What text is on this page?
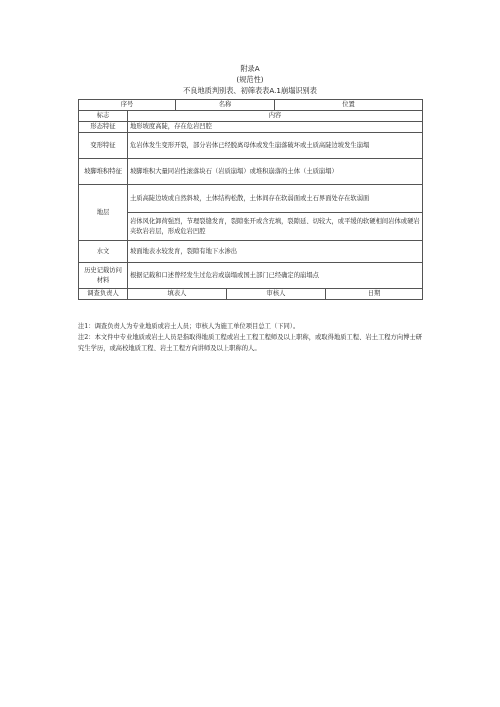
附录A
(规范性)
不良地质判别表、初筛表表A.1崩塌识别表
序号		名称		位置	
标志	内容				
形态特征	地形坡度高陡，存在危岩凹腔				
变形特征	危岩体发生变形开裂，部分岩体已经脱离母体或发生崩落破坏或土质高陡边坡发生崩塌				
坡脚堆积特征	坡脚堆积大量同岩性滚落块石（岩质崩塌）或堆积崩落的土体（土质崩塌）				
地层	土质高陡边坡或自然斜坡，土体结构松散，土体间存在软弱面或土石界面处存在软弱面				
	岩体风化卸荷强烈，节理裂缝发育，裂隙张开或含充填，裂隙延、切较大，或平缓的软硬相间岩体或硬岩夹软岩岩层，形成危岩凹腔				
水文	坡面地表水较发育，裂隙有地下水渗出				
历史记载访问材料	根据记载和口述曾经发生过危岩或崩塌或国土部门已经确定的崩塌点				
调查负责人	填表人		审核人		日期

注1：调查负责人为专业地质或岩土人员；审核人为施工单位项目总工（下同）。

注2：本文件中专业地质或岩土人员是指取得地质工程或岩土工程工程师及以上职称，或取得地质工程、岩土工程方向博士研究生学历，或高校地质工程、岩土工程方向讲师及以上职称的人。
